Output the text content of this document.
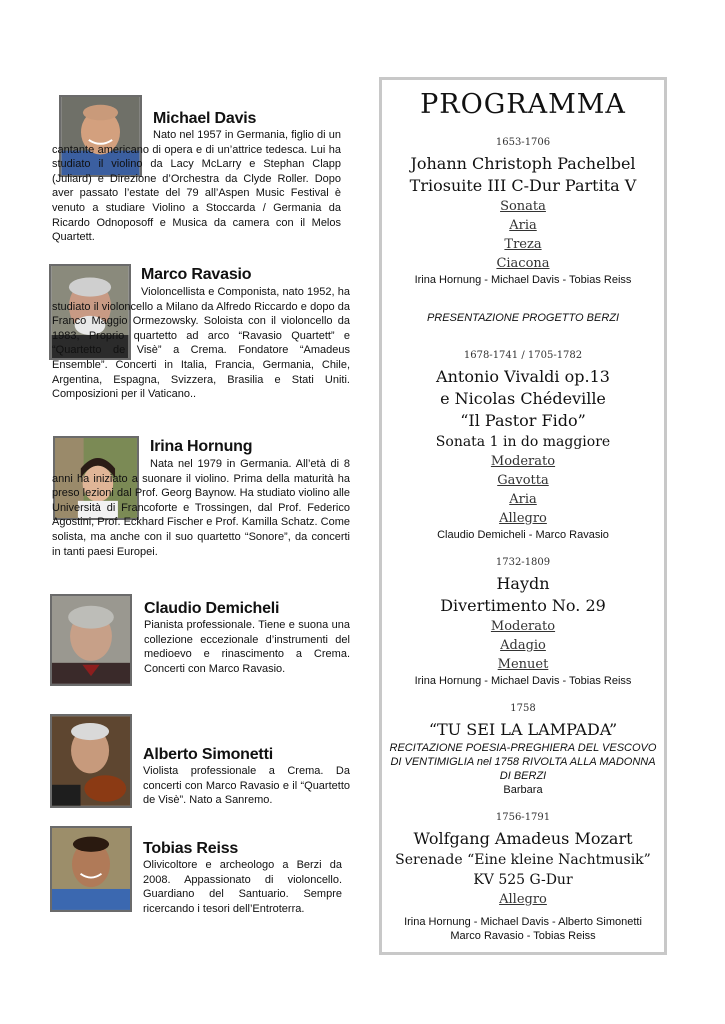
Michael Davis

Nato nel 1957 in Germania, figlio di un cantante americano di opera e di un’attrice tedesca. Lui ha studiato il violino da Lacy McLarry e Stephan Clapp (Juliard) e Direzione d’Orchestra da Clyde Roller. Dopo aver passato l’estate del 79 all’Aspen Music Festival è venuto a studiare Violino a Stoccarda / Germania da Ricardo Odnoposoff e Musica da camera con il Melos Quartett.

Marco Ravasio

Violoncellista e Componista, nato 1952, ha studiato il violoncello a Milano da Alfredo Riccardo e dopo da Franco Maggio Ormezowsky. Soloista con il violoncello da 1983, Proprio quartetto ad arco “Ravasio Quartett” e “Quartetto de Visè” a Crema. Fondatore “Amadeus Ensemble”. Concerti in Italia, Francia, Germania, Chile, Argentina, Espagna, Svizzera, Brasilia e Stati Uniti. Composizioni per il Vaticano..

Irina Hornung

Nata nel 1979 in Germania. All’età di 8 anni ha iniziato a suonare il violino. Prima della maturità ha preso lezioni dal Prof. Georg Baynow. Ha studiato violino alle Università di Francoforte e Trossingen, dal Prof. Federico Agostini, Prof. Eckhard Fischer e Prof. Kamilla Schatz. Come solista, ma anche con il suo quartetto “Sonore”, da concerti in tanti paesi Europei.

Claudio Demicheli

Pianista professionale. Tiene e suona una collezione eccezionale d’instrumenti del medioevo e rinascimento a Crema. Concerti con Marco Ravasio.

Alberto Simonetti

Violista professionale a Crema. Da concerti con Marco Ravasio e il “Quartetto de Visè”. Nato a Sanremo.

Tobias Reiss

Olivicoltore e archeologo a Berzi da 2008. Appassionato di violoncello. Guardiano del Santuario. Sempre ricercando i tesori dell’Entroterra.

PROGRAMMA
1653-1706
Johann Christoph Pachelbel
Triosuite III C-Dur Partita V
Sonata
Aria
Treza
Ciacona
Irina Hornung - Michael Davis - Tobias Reiss
PRESENTAZIONE PROGETTO BERZI
1678-1741 / 1705-1782
Antonio Vivaldi op.13
e Nicolas Chédeville
“Il Pastor Fido”
Sonata 1 in do maggiore
Moderato
Gavotta
Aria
Allegro
Claudio Demicheli - Marco Ravasio
1732-1809
Haydn
Divertimento No. 29
Moderato
Adagio
Menuet
Irina Hornung - Michael Davis - Tobias Reiss
1758
“TU SEI LA LAMPADA”
RECITAZIONE POESIA-PREGHIERA DEL VESCOVO DI VENTIMIGLIA nel 1758 RIVOLTA ALLA MADONNA DI BERZI
Barbara
1756-1791
Wolfgang Amadeus Mozart
Serenade “Eine kleine Nachtmusik”
KV 525 G-Dur
Allegro
Irina Hornung - Michael Davis - Alberto Simonetti
Marco Ravasio - Tobias Reiss
